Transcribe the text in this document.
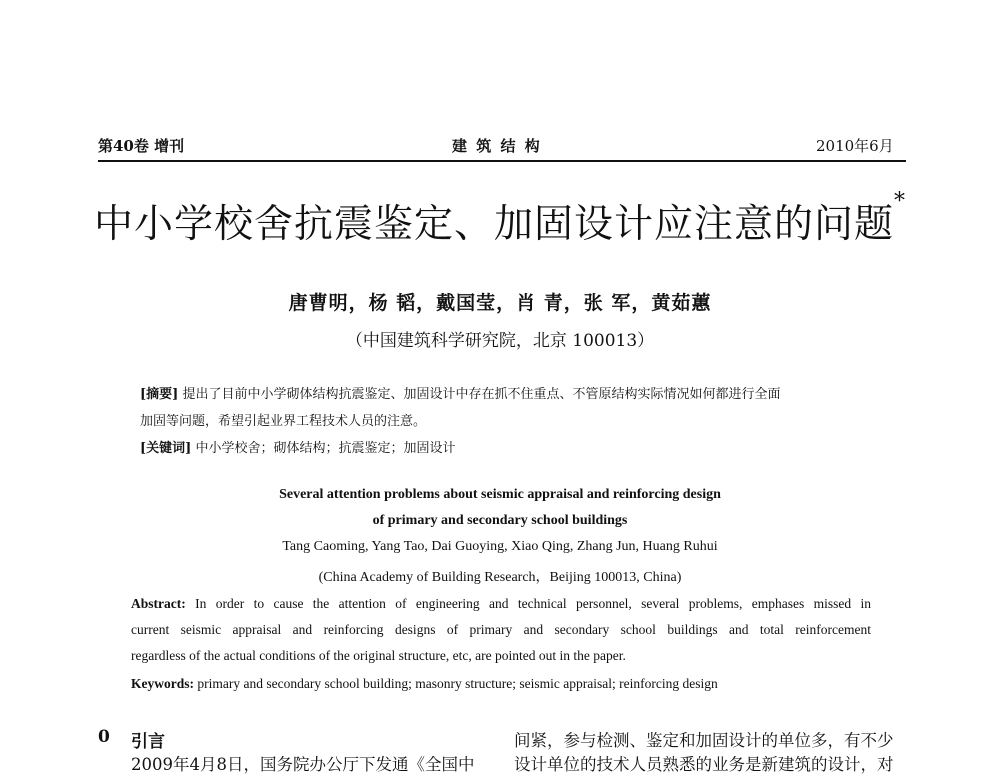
第40卷 增刊	建 筑 结 构	2010年6月
中小学校舍抗震鉴定、加固设计应注意的问题*
唐曹明，杨 韬，戴国莹，肖 青，张 军，黄茹蕙
（中国建筑科学研究院，北京 100013）
[摘要] 提出了目前中小学砌体结构抗震鉴定、加固设计中存在抓不住重点、不管原结构实际情况如何都进行全面
加固等问题，希望引起业界工程技术人员的注意。
[关键词] 中小学校舍；砌体结构；抗震鉴定；加固设计
Several attention problems about seismic appraisal and reinforcing design
of primary and secondary school buildings
Tang Caoming, Yang Tao, Dai Guoying, Xiao Qing, Zhang Jun, Huang Ruhui
(China Academy of Building Research，Beijing 100013, China)
Abstract: In order to cause the attention of engineering and technical personnel, several problems, emphases missed in
current seismic appraisal and reinforcing designs of primary and secondary school buildings and total reinforcement
regardless of the actual conditions of the original structure, etc, are pointed out in the paper.
Keywords: primary and secondary school building; masonry structure; seismic appraisal; reinforcing design
0 引言	间紧，参与检测、鉴定和加固设计的单位多，有不少
2009年4月8日，国务院办公厅下发通《全国中 设计单位的技术人员熟悉的业务是新建筑的设计，对
